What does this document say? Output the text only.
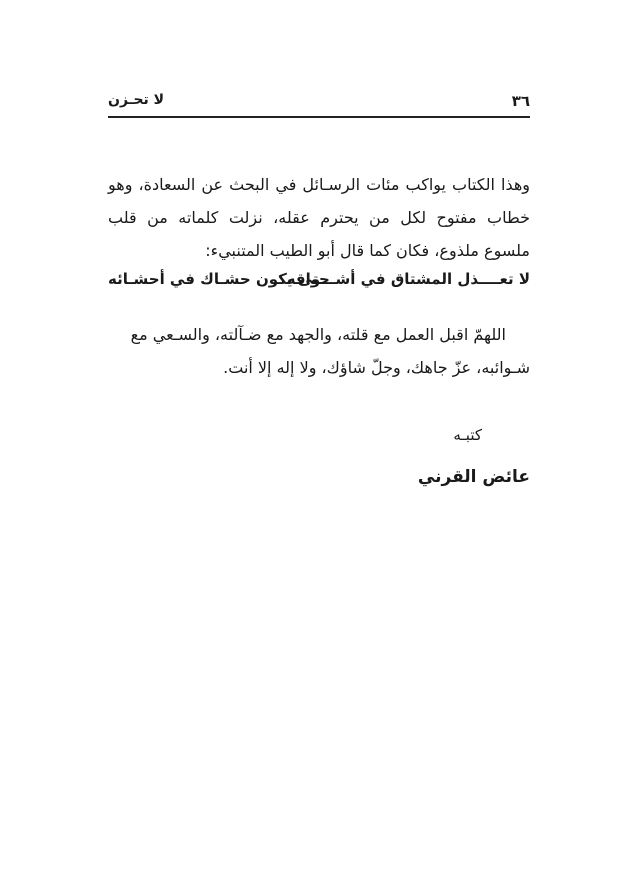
٣٦
لا تحـزن

وهذا الكتاب يواكب مئات الرسـائل في البحث عن السعادة، وهو خطاب مفتوح لكل من يحترم عقله، نزلت كلماته من قلب ملسوع ملذوع، فكان كما قال أبو الطيب المتنبيء:

لا تعــــذل المشتاق في أشـــواقه
حتى يكون حشـاك في أحشـائه

اللهمّ اقبل العمل مع قلته، والجهد مع ضـآلته، والسـعي مع شـوائبه، عزّ جاهك، وجلّ شاؤك، ولا إله إلا أنت.

كتبـه

عائض القرني
